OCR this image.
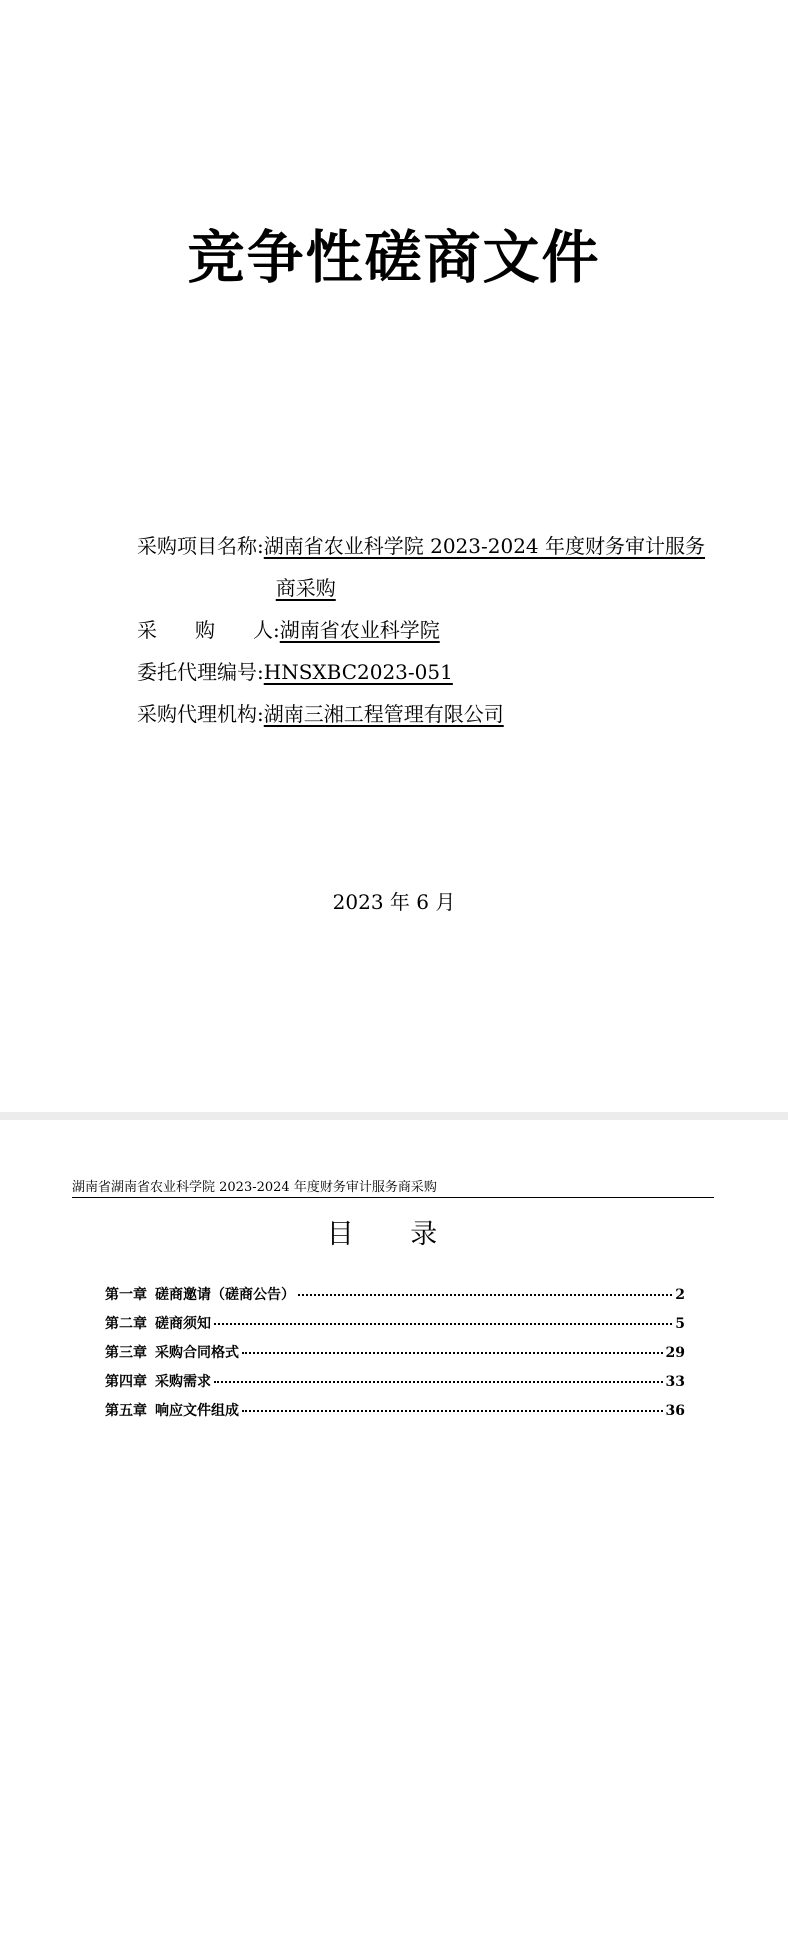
竞争性磋商文件
采购项目名称 : 湖南省农业科学院 2023-2024 年度财务审计服务
商采购
采 购 人 : 湖南省农业科学院
委托代理编号 : HNSXBC2023-051
采购代理机构 : 湖南三湘工程管理有限公司
2023 年 6 月
湖南省湖南省农业科学院 2023-2024 年度财务审计服务商采购
目 录
第一章 磋商邀请（磋商公告）	2
第二章 磋商须知	5
第三章 采购合同格式	29
第四章 采购需求	33
第五章 响应文件组成	36
